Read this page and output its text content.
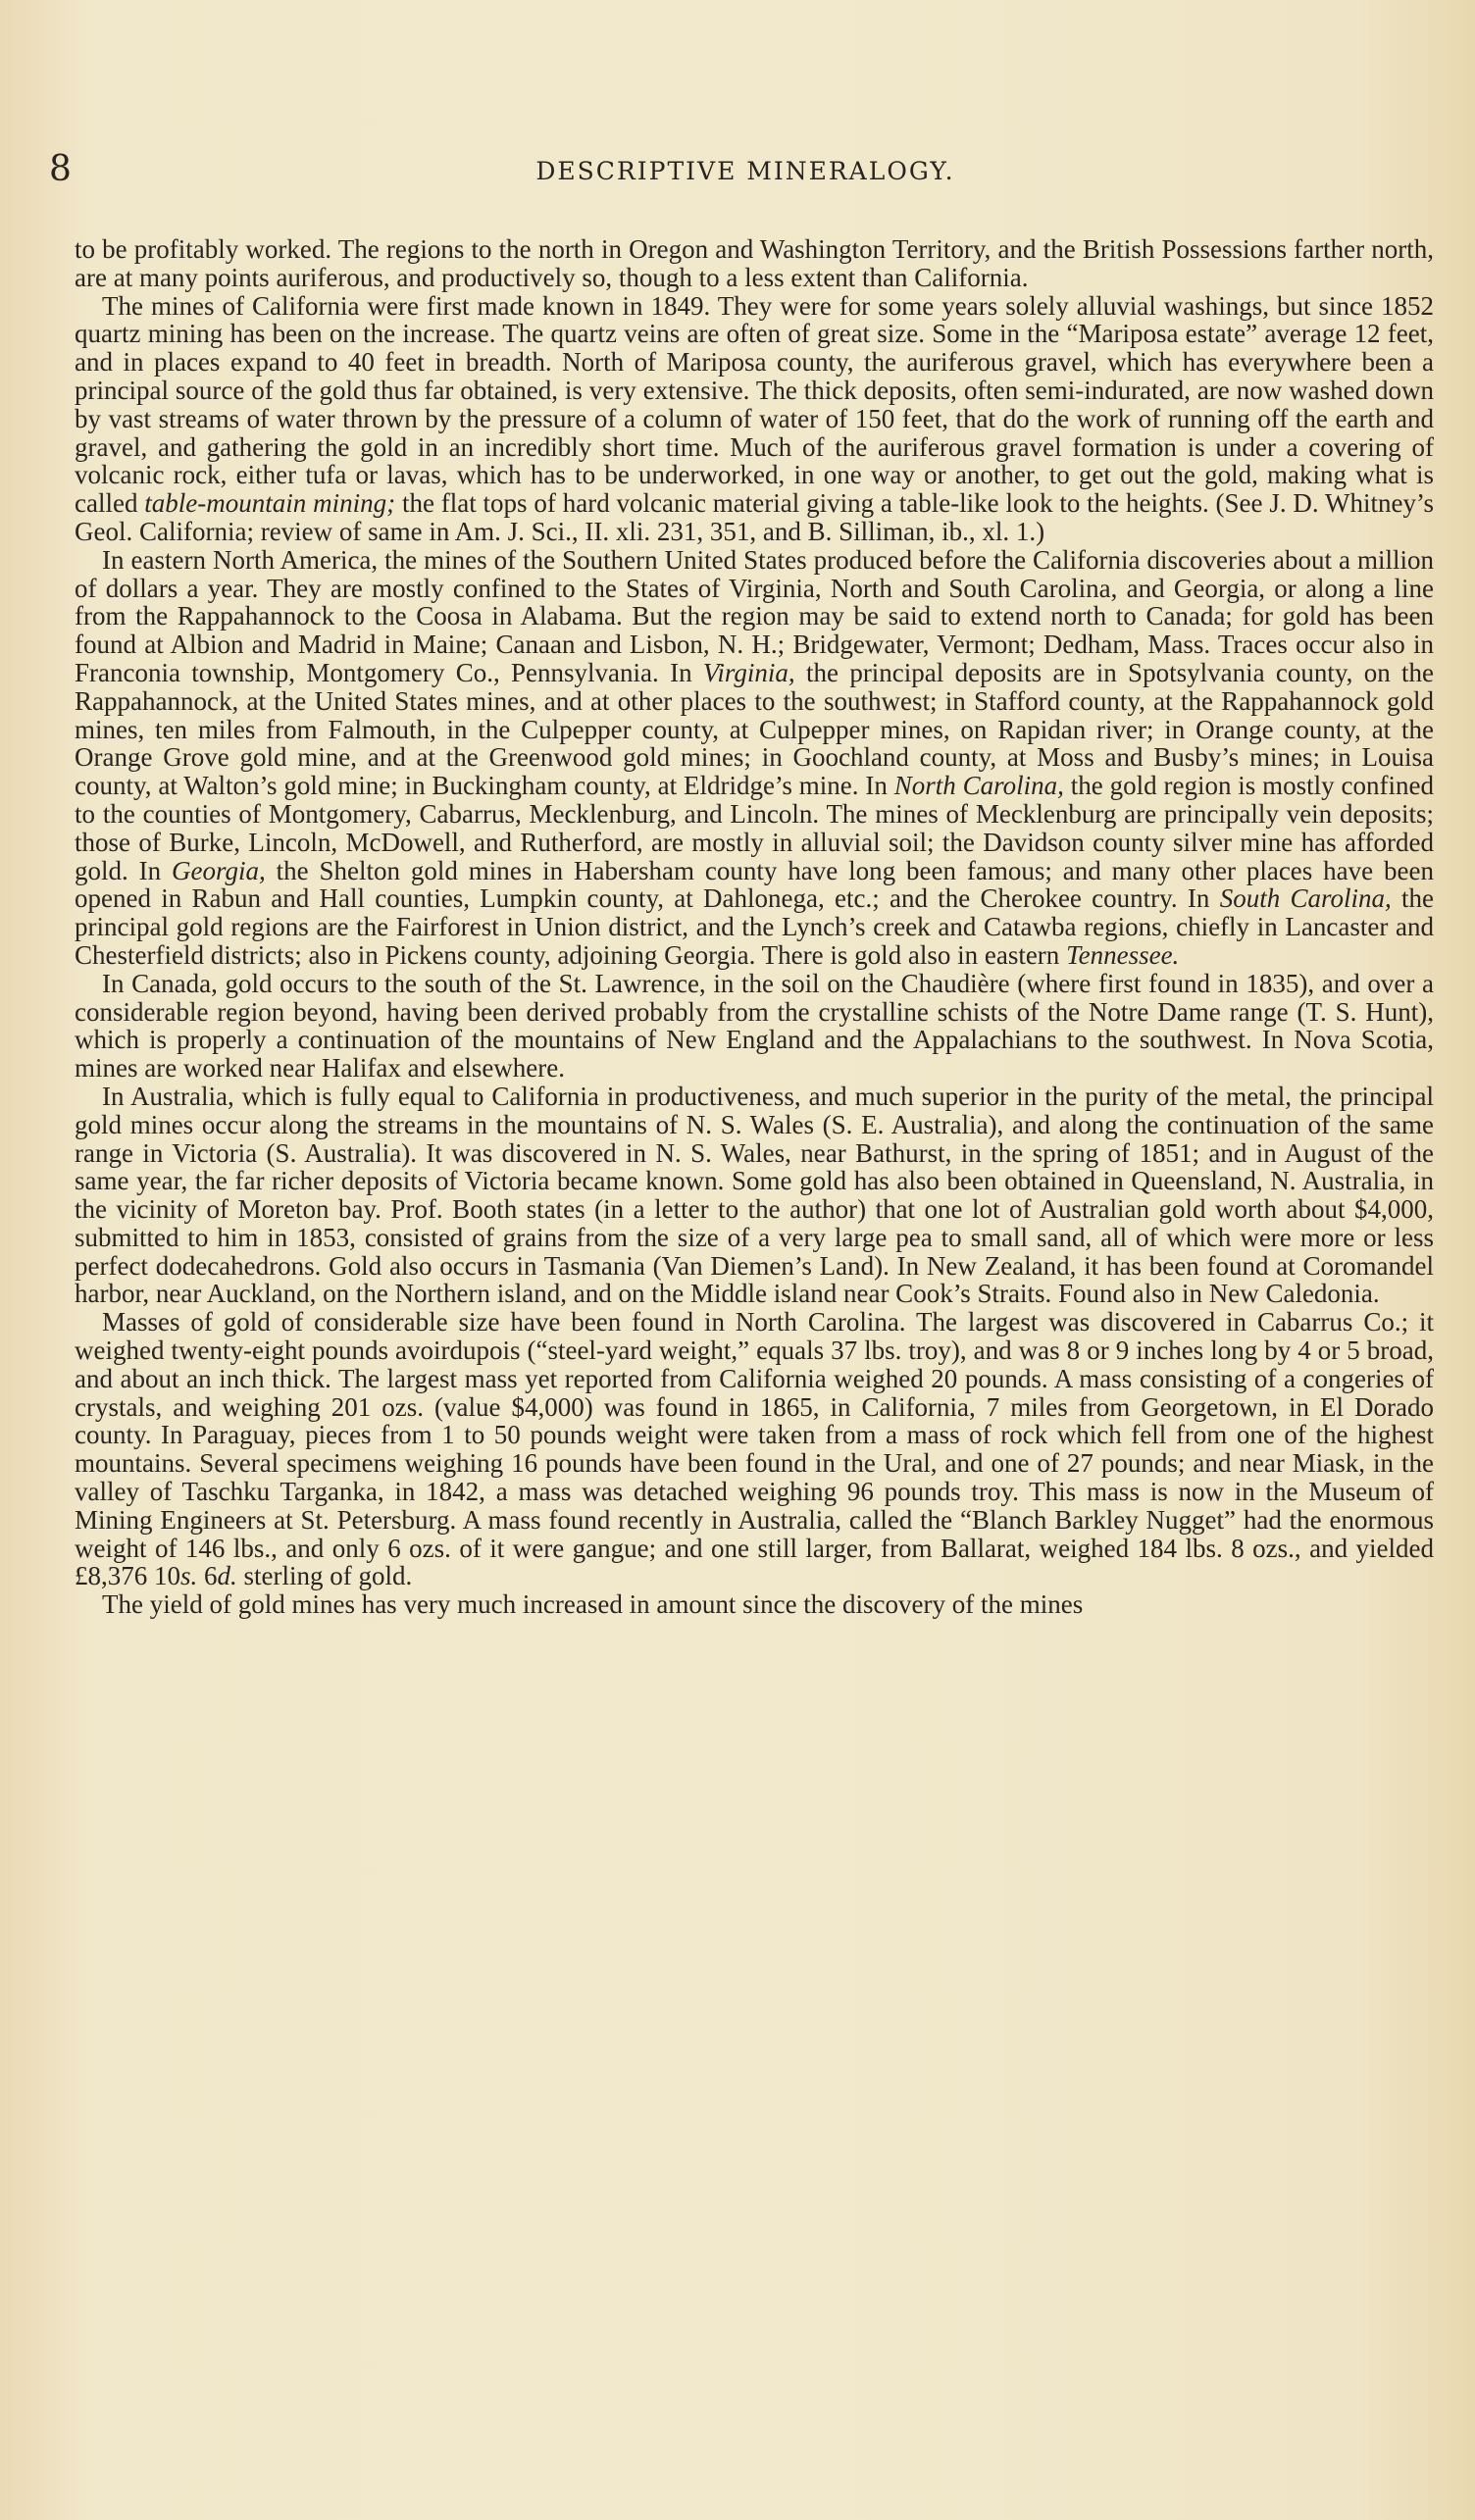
8	DESCRIPTIVE MINERALOGY.

to be profitably worked. The regions to the north in Oregon and Washington Territory, and the British Possessions farther north, are at many points auriferous, and productively so, though to a less extent than California.

The mines of California were first made known in 1849. They were for some years solely alluvial washings, but since 1852 quartz mining has been on the increase. The quartz veins are often of great size. Some in the “Mariposa estate” average 12 feet, and in places expand to 40 feet in breadth. North of Mariposa county, the auriferous gravel, which has everywhere been a principal source of the gold thus far obtained, is very extensive. The thick deposits, often semi-indurated, are now washed down by vast streams of water thrown by the pressure of a column of water of 150 feet, that do the work of running off the earth and gravel, and gathering the gold in an incredibly short time. Much of the auriferous gravel formation is under a covering of volcanic rock, either tufa or lavas, which has to be underworked, in one way or another, to get out the gold, making what is called table-mountain mining; the flat tops of hard volcanic material giving a table-like look to the heights. (See J. D. Whitney’s Geol. California; review of same in Am. J. Sci., II. xli. 231, 351, and B. Silliman, ib., xl. 1.)

In eastern North America, the mines of the Southern United States produced before the California discoveries about a million of dollars a year. They are mostly confined to the States of Virginia, North and South Carolina, and Georgia, or along a line from the Rappahannock to the Coosa in Alabama. But the region may be said to extend north to Canada; for gold has been found at Albion and Madrid in Maine; Canaan and Lisbon, N. H.; Bridgewater, Vermont; Dedham, Mass. Traces occur also in Franconia township, Montgomery Co., Pennsylvania. In Virginia, the principal deposits are in Spotsylvania county, on the Rappahannock, at the United States mines, and at other places to the southwest; in Stafford county, at the Rappahannock gold mines, ten miles from Falmouth, in the Culpepper county, at Culpepper mines, on Rapidan river; in Orange county, at the Orange Grove gold mine, and at the Greenwood gold mines; in Goochland county, at Moss and Busby’s mines; in Louisa county, at Walton’s gold mine; in Buckingham county, at Eldridge’s mine. In North Carolina, the gold region is mostly confined to the counties of Montgomery, Cabarrus, Mecklenburg, and Lincoln. The mines of Mecklenburg are principally vein deposits; those of Burke, Lincoln, McDowell, and Rutherford, are mostly in alluvial soil; the Davidson county silver mine has afforded gold. In Georgia, the Shelton gold mines in Habersham county have long been famous; and many other places have been opened in Rabun and Hall counties, Lumpkin county, at Dahlonega, etc.; and the Cherokee country. In South Carolina, the principal gold regions are the Fairforest in Union district, and the Lynch’s creek and Catawba regions, chiefly in Lancaster and Chesterfield districts; also in Pickens county, adjoining Georgia. There is gold also in eastern Tennessee.

In Canada, gold occurs to the south of the St. Lawrence, in the soil on the Chaudière (where first found in 1835), and over a considerable region beyond, having been derived probably from the crystalline schists of the Notre Dame range (T. S. Hunt), which is properly a continuation of the mountains of New England and the Appalachians to the southwest. In Nova Scotia, mines are worked near Halifax and elsewhere.

In Australia, which is fully equal to California in productiveness, and much superior in the purity of the metal, the principal gold mines occur along the streams in the mountains of N. S. Wales (S. E. Australia), and along the continuation of the same range in Victoria (S. Australia). It was discovered in N. S. Wales, near Bathurst, in the spring of 1851; and in August of the same year, the far richer deposits of Victoria became known. Some gold has also been obtained in Queensland, N. Australia, in the vicinity of Moreton bay. Prof. Booth states (in a letter to the author) that one lot of Australian gold worth about $4,000, submitted to him in 1853, consisted of grains from the size of a very large pea to small sand, all of which were more or less perfect dodecahedrons. Gold also occurs in Tasmania (Van Diemen’s Land). In New Zealand, it has been found at Coromandel harbor, near Auckland, on the Northern island, and on the Middle island near Cook’s Straits. Found also in New Caledonia.

Masses of gold of considerable size have been found in North Carolina. The largest was discovered in Cabarrus Co.; it weighed twenty-eight pounds avoirdupois (“steel-yard weight,” equals 37 lbs. troy), and was 8 or 9 inches long by 4 or 5 broad, and about an inch thick. The largest mass yet reported from California weighed 20 pounds. A mass consisting of a congeries of crystals, and weighing 201 ozs. (value $4,000) was found in 1865, in California, 7 miles from Georgetown, in El Dorado county. In Paraguay, pieces from 1 to 50 pounds weight were taken from a mass of rock which fell from one of the highest mountains. Several specimens weighing 16 pounds have been found in the Ural, and one of 27 pounds; and near Miask, in the valley of Taschku Targanka, in 1842, a mass was detached weighing 96 pounds troy. This mass is now in the Museum of Mining Engineers at St. Petersburg. A mass found recently in Australia, called the “Blanch Barkley Nugget” had the enormous weight of 146 lbs., and only 6 ozs. of it were gangue; and one still larger, from Ballarat, weighed 184 lbs. 8 ozs., and yielded £8,376 10s. 6d. sterling of gold.

The yield of gold mines has very much increased in amount since the discovery of the mines
